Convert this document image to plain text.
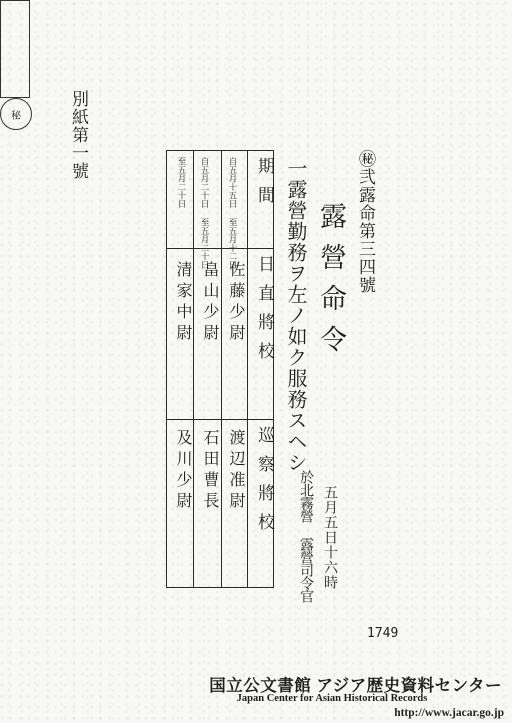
別紙第一號
㊙︎弐露命第三四號
露營命令
一露營勤務ヲ左ノ如ク服務スヘシ
秘
五月五日十六時
於北霧營 露營司令官
期間
日直將校
巡察將校
自五月十五日 至五月十二日
佐藤少尉
渡辺准尉
自五月二十日 至五月二十日
畠山少尉
石田曹長
至五月二十日
清家中尉
及川少尉
1749
国立公文書館 アジア歴史資料センター
Japan Center for Asian Historical Records
http://www.jacar.go.jp
